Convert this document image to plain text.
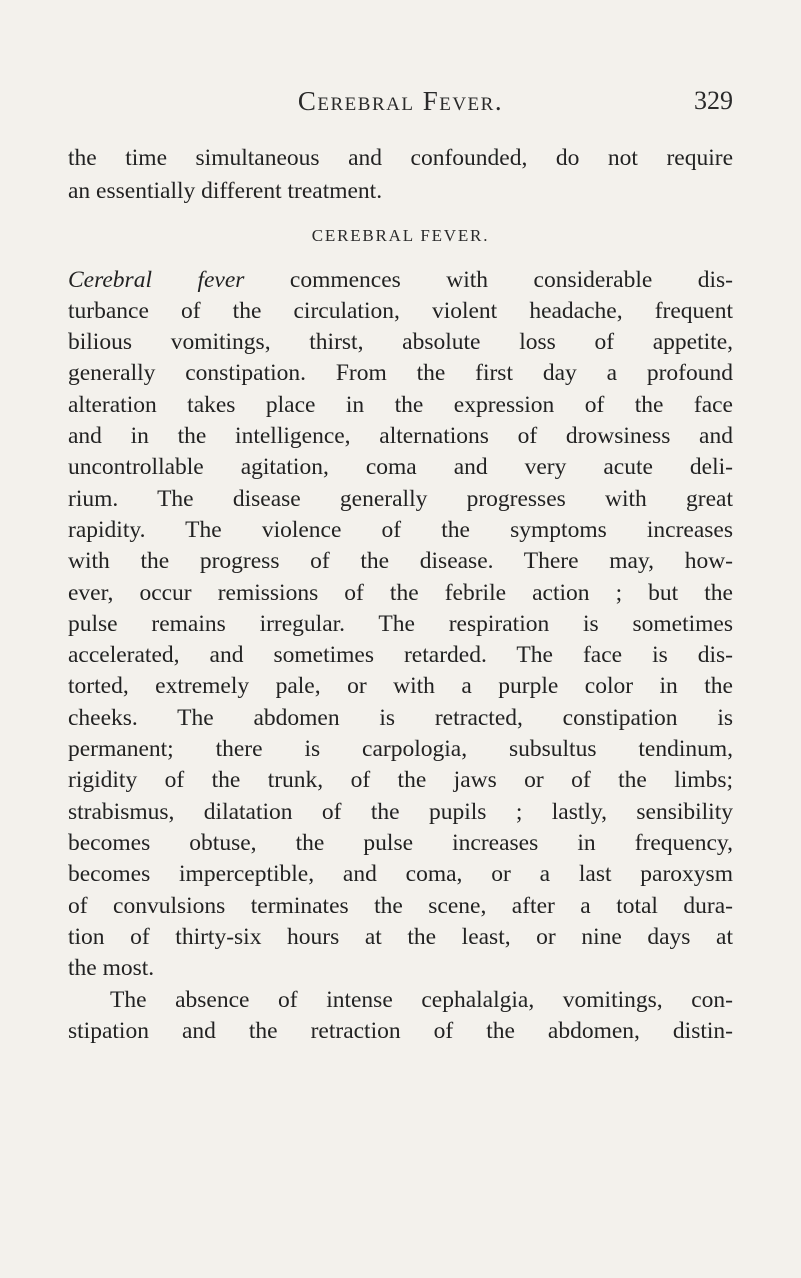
Cerebral Fever.	329
the time simultaneous and confounded, do not require
an essentially different treatment.
CEREBRAL FEVER.
Cerebral fever commences with considerable dis-
turbance of the circulation, violent headache, frequent
bilious vomitings, thirst, absolute loss of appetite,
generally constipation. From the first day a profound
alteration takes place in the expression of the face
and in the intelligence, alternations of drowsiness and
uncontrollable agitation, coma and very acute deli-
rium. The disease generally progresses with great
rapidity. The violence of the symptoms increases
with the progress of the disease. There may, how-
ever, occur remissions of the febrile action ; but the
pulse remains irregular. The respiration is sometimes
accelerated, and sometimes retarded. The face is dis-
torted, extremely pale, or with a purple color in the
cheeks. The abdomen is retracted, constipation is
permanent; there is carpologia, subsultus tendinum,
rigidity of the trunk, of the jaws or of the limbs;
strabismus, dilatation of the pupils ; lastly, sensibility
becomes obtuse, the pulse increases in frequency,
becomes imperceptible, and coma, or a last paroxysm
of convulsions terminates the scene, after a total dura-
tion of thirty-six hours at the least, or nine days at
the most.
The absence of intense cephalalgia, vomitings, con-
stipation and the retraction of the abdomen, distin-
